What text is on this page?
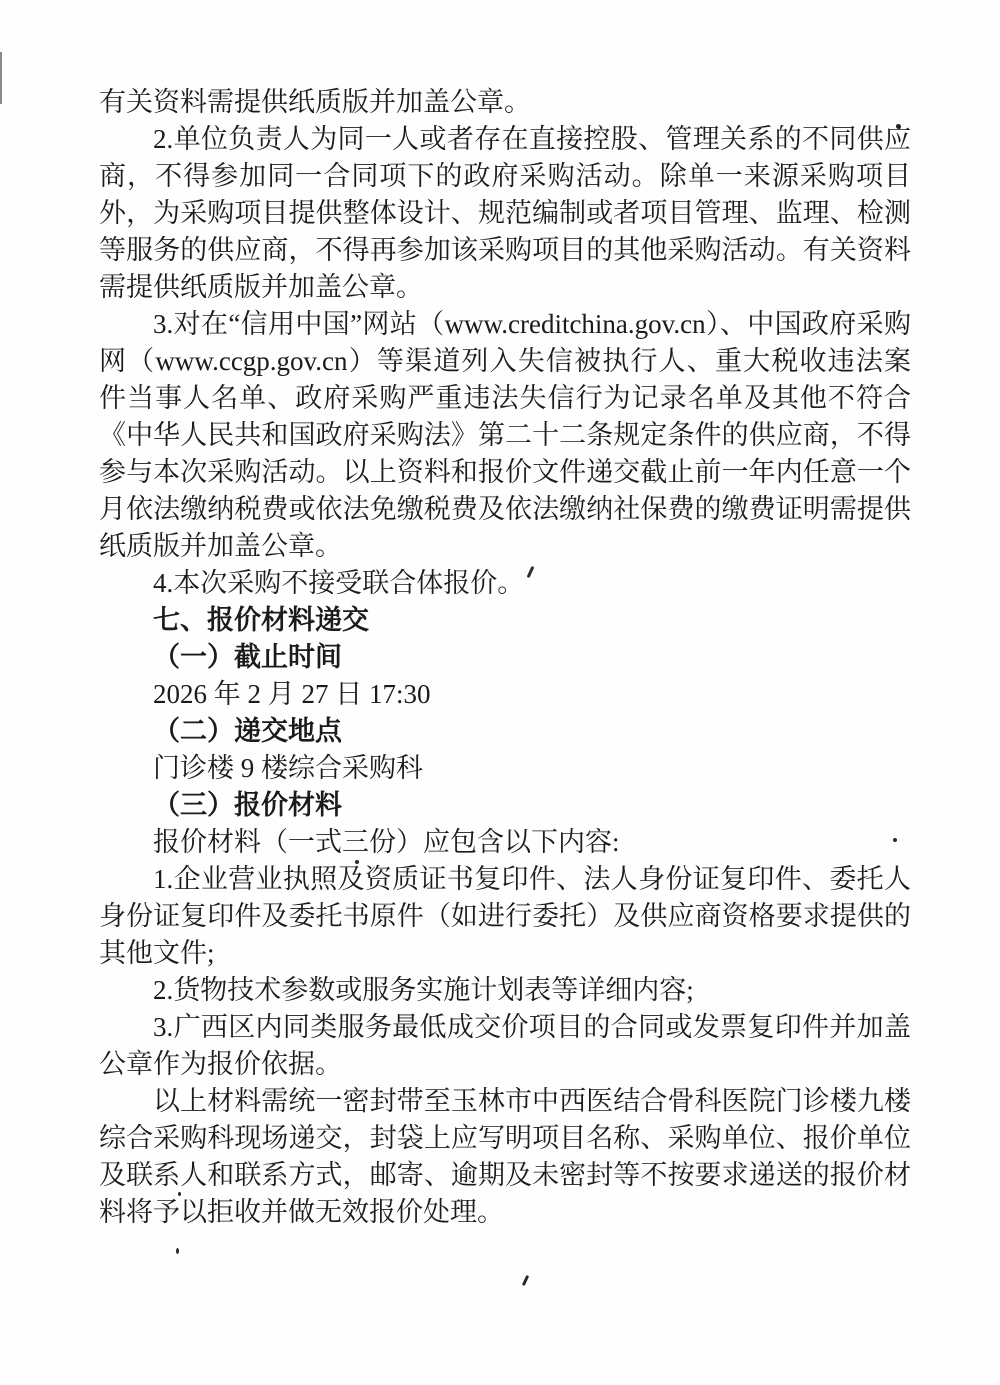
有关资料需提供纸质版并加盖公章。

2.单位负责人为同一人或者存在直接控股、管理关系的不同供应商，不得参加同一合同项下的政府采购活动。除单一来源采购项目外，为采购项目提供整体设计、规范编制或者项目管理、监理、检测等服务的供应商，不得再参加该采购项目的其他采购活动。有关资料需提供纸质版并加盖公章。

3.对在“信用中国”网站（www.creditchina.gov.cn）、中国政府采购网（www.ccgp.gov.cn）等渠道列入失信被执行人、重大税收违法案件当事人名单、政府采购严重违法失信行为记录名单及其他不符合《中华人民共和国政府采购法》第二十二条规定条件的供应商，不得参与本次采购活动。以上资料和报价文件递交截止前一年内任意一个月依法缴纳税费或依法免缴税费及依法缴纳社保费的缴费证明需提供纸质版并加盖公章。

4.本次采购不接受联合体报价。

七、报价材料递交

（一）截止时间

2026 年 2 月 27 日 17:30

（二）递交地点

门诊楼 9 楼综合采购科

（三）报价材料

报价材料（一式三份）应包含以下内容:

1.企业营业执照及资质证书复印件、法人身份证复印件、委托人身份证复印件及委托书原件（如进行委托）及供应商资格要求提供的其他文件;

2.货物技术参数或服务实施计划表等详细内容;

3.广西区内同类服务最低成交价项目的合同或发票复印件并加盖公章作为报价依据。

以上材料需统一密封带至玉林市中西医结合骨科医院门诊楼九楼综合采购科现场递交，封袋上应写明项目名称、采购单位、报价单位及联系人和联系方式，邮寄、逾期及未密封等不按要求递送的报价材料将予以拒收并做无效报价处理。
